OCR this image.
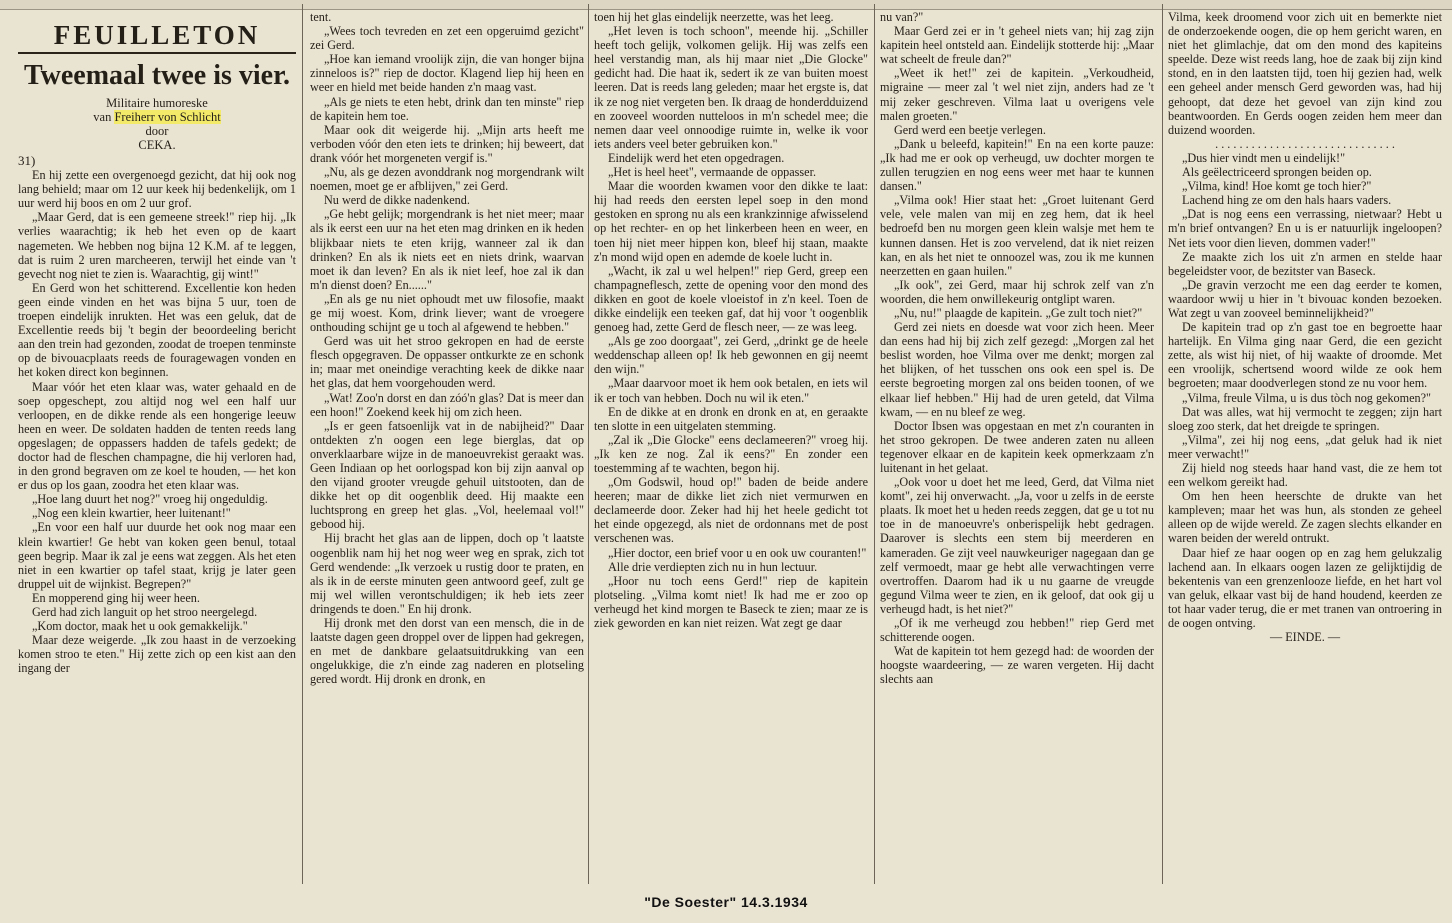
FEUILLETON
Tweemaal twee is vier.
Militaire humoreske
van Freiherr von Schlicht
door
CEKA.
31)

En hij zette een overgenoegd gezicht, dat hij ook nog lang behield; maar om 12 uur keek hij bedenkelijk, om 1 uur werd hij boos en om 2 uur grof.

„Maar Gerd, dat is een gemeene streek!" riep hij. „Ik verlies waarachtig; ik heb het even op de kaart nagemeten. We hebben nog bijna 12 K.M. af te leggen, dat is ruim 2 uren marcheeren, terwijl het einde van 't gevecht nog niet te zien is. Waarachtig, gij wint!"

En Gerd won het schitterend. Excellentie kon heden geen einde vinden en het was bijna 5 uur, toen de troepen eindelijk inrukten. Het was een geluk, dat de Excellentie reeds bij 't begin der beoordeeling bericht aan den trein had gezonden, zoodat de troepen tenminste op de bivouacplaats reeds de fouragewagen vonden en het koken direct kon beginnen.

Maar vóór het eten klaar was, water gehaald en de soep opgeschept, zou altijd nog wel een half uur verloopen, en de dikke rende als een hongerige leeuw heen en weer. De soldaten hadden de tenten reeds lang opgeslagen; de oppassers hadden de tafels gedekt; de doctor had de fleschen champagne, die hij verloren had, in den grond begraven om ze koel te houden, — het kon er dus op los gaan, zoodra het eten klaar was.

„Hoe lang duurt het nog?" vroeg hij ongeduldig.

„Nog een klein kwartier, heer luitenant!"

„En voor een half uur duurde het ook nog maar een klein kwartier! Ge hebt van koken geen benul, totaal geen begrip. Maar ik zal je eens wat zeggen. Als het eten niet in een kwartier op tafel staat, krijg je later geen druppel uit de wijnkist. Begrepen?"

En mopperend ging hij weer heen.

Gerd had zich languit op het stroo neergelegd.

„Kom doctor, maak het u ook gemakkelijk."

Maar deze weigerde. „Ik zou haast in de verzoeking komen stroo te eten." Hij zette zich op een kist aan den ingang der

tent.

„Wees toch tevreden en zet een opgeruimd gezicht" zei Gerd.

„Hoe kan iemand vroolijk zijn, die van honger bijna zinneloos is?" riep de doctor. Klagend liep hij heen en weer en hield met beide handen z'n maag vast.

„Als ge niets te eten hebt, drink dan ten minste" riep de kapitein hem toe.

Maar ook dit weigerde hij. „Mijn arts heeft me verboden vóór den eten iets te drinken; hij beweert, dat drank vóór het morgeneten vergif is."

„Nu, als ge dezen avonddrank nog morgendrank wilt noemen, moet ge er afblijven," zei Gerd.

Nu werd de dikke nadenkend.

„Ge hebt gelijk; morgendrank is het niet meer; maar als ik eerst een uur na het eten mag drinken en ik heden blijkbaar niets te eten krijg, wanneer zal ik dan drinken? En als ik niets eet en niets drink, waarvan moet ik dan leven? En als ik niet leef, hoe zal ik dan m'n dienst doen? En......"

„En als ge nu niet ophoudt met uw filosofie, maakt ge mij woest. Kom, drink liever; want de vroegere onthouding schijnt ge u toch al afgewend te hebben."

Gerd was uit het stroo gekropen en had de eerste flesch opgegraven. De oppasser ontkurkte ze en schonk in; maar met oneindige verachting keek de dikke naar het glas, dat hem voorgehouden werd.

„Wat! Zoo'n dorst en dan zóó'n glas? Dat is meer dan een hoon!" Zoekend keek hij om zich heen.

„Is er geen fatsoenlijk vat in de nabijheid?" Daar ontdekten z'n oogen een lege bierglas, dat op onverklaarbare wijze in de manoeuvrekist geraakt was. Geen Indiaan op het oorlogspad kon bij zijn aanval op den vijand grooter vreugde gehuil uitstooten, dan de dikke het op dit oogenblik deed. Hij maakte een luchtsprong en greep het glas. „Vol, heelemaal vol!" gebood hij.

Hij bracht het glas aan de lippen, doch op 't laatste oogenblik nam hij het nog weer weg en sprak, zich tot Gerd wendende: „Ik verzoek u rustig door te praten, en als ik in de eerste minuten geen antwoord geef, zult ge mij wel willen verontschuldigen; ik heb iets zeer dringends te doen." En hij dronk.

Hij dronk met den dorst van een mensch, die in de laatste dagen geen droppel over de lippen had gekregen, en met de dankbare gelaatsuitdrukking van een ongelukkige, die z'n einde zag naderen en plotseling gered wordt. Hij dronk en dronk, en

toen hij het glas eindelijk neerzette, was het leeg.

„Het leven is toch schoon", meende hij. „Schiller heeft toch gelijk, volkomen gelijk. Hij was zelfs een heel verstandig man, als hij maar niet „Die Glocke" gedicht had. Die haat ik, sedert ik ze van buiten moest leeren. Dat is reeds lang geleden; maar het ergste is, dat ik ze nog niet vergeten ben. Ik draag de honderdduizend en zooveel woorden nutteloos in m'n schedel mee; die nemen daar veel onnoodige ruimte in, welke ik voor iets anders veel beter gebruiken kon."

Eindelijk werd het eten opgedragen.

„Het is heel heet", vermaande de oppasser.

Maar die woorden kwamen voor den dikke te laat: hij had reeds den eersten lepel soep in den mond gestoken en sprong nu als een krankzinnige afwisselend op het rechter- en op het linkerbeen heen en weer, en toen hij niet meer hippen kon, bleef hij staan, maakte z'n mond wijd open en ademde de koele lucht in.

„Wacht, ik zal u wel helpen!" riep Gerd, greep een champagneflesch, zette de opening voor den mond des dikken en goot de koele vloeistof in z'n keel. Toen de dikke eindelijk een teeken gaf, dat hij voor 't oogenblik genoeg had, zette Gerd de flesch neer, — ze was leeg.

„Als ge zoo doorgaat", zei Gerd, „drinkt ge de heele weddenschap alleen op! Ik heb gewonnen en gij neemt den wijn."

„Maar daarvoor moet ik hem ook betalen, en iets wil ik er toch van hebben. Doch nu wil ik eten."

En de dikke at en dronk en dronk en at, en geraakte ten slotte in een uitgelaten stemming.

„Zal ik „Die Glocke" eens declameeren?" vroeg hij. „Ik ken ze nog. Zal ik eens?" En zonder een toestemming af te wachten, begon hij.

„Om Godswil, houd op!" baden de beide andere heeren; maar de dikke liet zich niet vermurwen en declameerde door. Zeker had hij het heele gedicht tot het einde opgezegd, als niet de ordonnans met de post verschenen was.

„Hier doctor, een brief voor u en ook uw couranten!"

Alle drie verdiepten zich nu in hun lectuur.

„Hoor nu toch eens Gerd!" riep de kapitein plotseling. „Vilma komt niet! Ik had me er zoo op verheugd het kind morgen te Baseck te zien; maar ze is ziek geworden en kan niet reizen. Wat zegt ge daar

nu van?"

Maar Gerd zei er in 't geheel niets van; hij zag zijn kapitein heel ontsteld aan. Eindelijk stotterde hij: „Maar wat scheelt de freule dan?"

„Weet ik het!" zei de kapitein. „Verkoudheid, migraine — meer zal 't wel niet zijn, anders had ze 't mij zeker geschreven. Vilma laat u overigens vele malen groeten."

Gerd werd een beetje verlegen.

„Dank u beleefd, kapitein!" En na een korte pauze: „Ik had me er ook op verheugd, uw dochter morgen te zullen terugzien en nog eens weer met haar te kunnen dansen."

„Vilma ook! Hier staat het: „Groet luitenant Gerd vele, vele malen van mij en zeg hem, dat ik heel bedroefd ben nu morgen geen klein walsje met hem te kunnen dansen. Het is zoo vervelend, dat ik niet reizen kan, en als het niet te onnoozel was, zou ik me kunnen neerzetten en gaan huilen."

„Ik ook", zei Gerd, maar hij schrok zelf van z'n woorden, die hem onwillekeurig ontglipt waren.

„Nu, nu!" plaagde de kapitein. „Ge zult toch niet?"

Gerd zei niets en doesde wat voor zich heen. Meer dan eens had hij bij zich zelf gezegd: „Morgen zal het beslist worden, hoe Vilma over me denkt; morgen zal het blijken, of het tusschen ons ook een spel is. De eerste begroeting morgen zal ons beiden toonen, of we elkaar lief hebben." Hij had de uren geteld, dat Vilma kwam, — en nu bleef ze weg.

Doctor Ibsen was opgestaan en met z'n couranten in het stroo gekropen. De twee anderen zaten nu alleen tegenover elkaar en de kapitein keek opmerkzaam z'n luitenant in het gelaat.

„Ook voor u doet het me leed, Gerd, dat Vilma niet komt", zei hij onverwacht. „Ja, voor u zelfs in de eerste plaats. Ik moet het u heden reeds zeggen, dat ge u tot nu toe in de manoeuvre's onberispelijk hebt gedragen. Daarover is slechts een stem bij meerderen en kameraden. Ge zijt veel nauwkeuriger nagegaan dan ge zelf vermoedt, maar ge hebt alle verwachtingen verre overtroffen. Daarom had ik u nu gaarne de vreugde gegund Vilma weer te zien, en ik geloof, dat ook gij u verheugd hadt, is het niet?"

„Of ik me verheugd zou hebben!" riep Gerd met schitterende oogen.

Wat de kapitein tot hem gezegd had: de woorden der hoogste waardeering, — ze waren vergeten. Hij dacht slechts aan

Vilma, keek droomend voor zich uit en bemerkte niet de onderzoekende oogen, die op hem gericht waren, en niet het glimlachje, dat om den mond des kapiteins speelde. Deze wist reeds lang, hoe de zaak bij zijn kind stond, en in den laatsten tijd, toen hij gezien had, welk een geheel ander mensch Gerd geworden was, had hij gehoopt, dat deze het gevoel van zijn kind zou beantwoorden. En Gerds oogen zeiden hem meer dan duizend woorden.

. . . . . . . . . . . . . . . . . . . . . . . . . . . . . .

„Dus hier vindt men u eindelijk!"

Als geëlectriceerd sprongen beiden op.

„Vilma, kind! Hoe komt ge toch hier?"

Lachend hing ze om den hals haars vaders.

„Dat is nog eens een verrassing, nietwaar? Hebt u m'n brief ontvangen? En u is er natuurlijk ingeloopen? Net iets voor dien lieven, dommen vader!"

Ze maakte zich los uit z'n armen en stelde haar begeleidster voor, de bezitster van Baseck.

„De gravin verzocht me een dag eerder te komen, waardoor wwij u hier in 't bivouac konden bezoeken. Wat zegt u van zooveel beminnelijkheid?"

De kapitein trad op z'n gast toe en begroette haar hartelijk. En Vilma ging naar Gerd, die een gezicht zette, als wist hij niet, of hij waakte of droomde. Met een vroolijk, schertsend woord wilde ze ook hem begroeten; maar doodverlegen stond ze nu voor hem.

„Vilma, freule Vilma, u is dus tòch nog gekomen?"

Dat was alles, wat hij vermocht te zeggen; zijn hart sloeg zoo sterk, dat het dreigde te springen.

„Vilma", zei hij nog eens, „dat geluk had ik niet meer verwacht!"

Zij hield nog steeds haar hand vast, die ze hem tot een welkom gereikt had.

Om hen heen heerschte de drukte van het kampleven; maar het was hun, als stonden ze geheel alleen op de wijde wereld. Ze zagen slechts elkander en waren beiden der wereld ontrukt.

Daar hief ze haar oogen op en zag hem gelukzalig lachend aan. In elkaars oogen lazen ze gelijktijdig de bekentenis van een grenzenlooze liefde, en het hart vol van geluk, elkaar vast bij de hand houdend, keerden ze tot haar vader terug, die er met tranen van ontroering in de oogen ontving.

— EINDE. —

"De Soester" 14.3.1934
